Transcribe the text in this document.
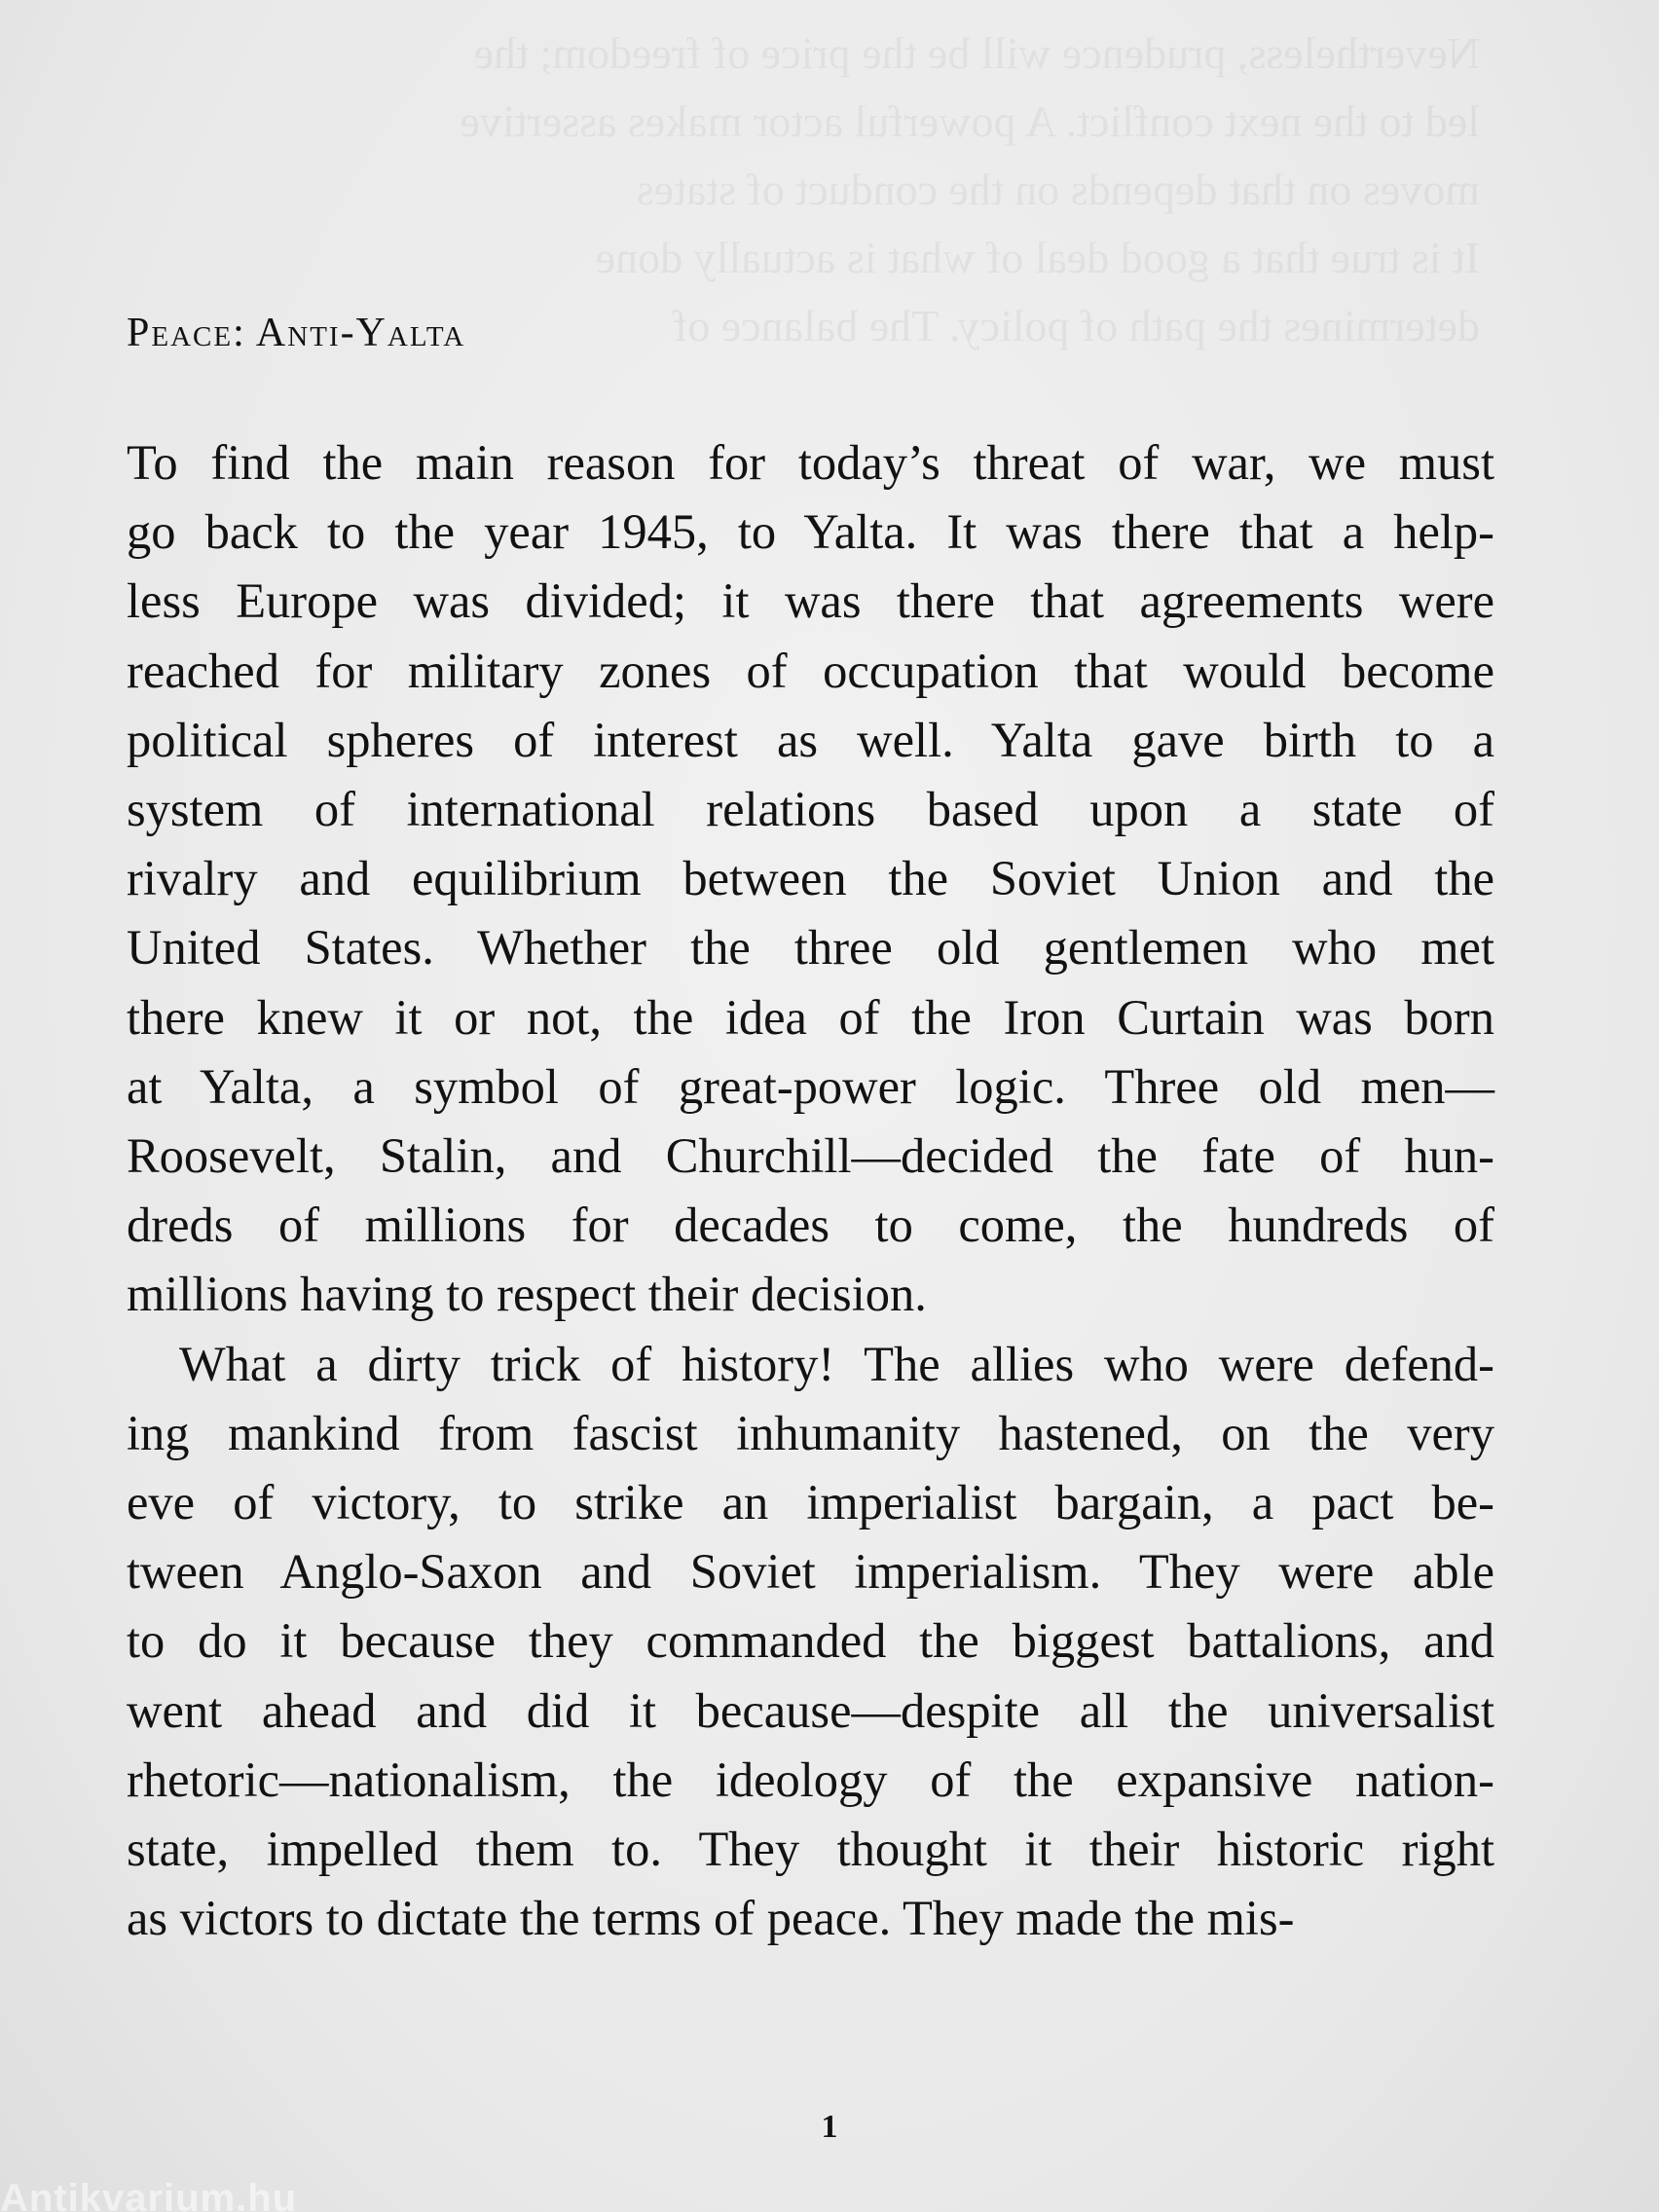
Nevertheless, prudence will be the price of freedom; the
led to the next conflict. A powerful actor makes assertive
moves on that depends on the conduct of states
It is true that a good deal of what is actually done
determines the path of policy. The balance of
Peace: Anti-Yalta
To find the main reason for today’s threat of war, we must
go back to the year 1945, to Yalta. It was there that a help-
less Europe was divided; it was there that agreements were
reached for military zones of occupation that would become
political spheres of interest as well. Yalta gave birth to a
system of international relations based upon a state of
rivalry and equilibrium between the Soviet Union and the
United States. Whether the three old gentlemen who met
there knew it or not, the idea of the Iron Curtain was born
at Yalta, a symbol of great-power logic. Three old men—
Roosevelt, Stalin, and Churchill—decided the fate of hun-
dreds of millions for decades to come, the hundreds of
millions having to respect their decision.
What a dirty trick of history! The allies who were defend-
ing mankind from fascist inhumanity hastened, on the very
eve of victory, to strike an imperialist bargain, a pact be-
tween Anglo-Saxon and Soviet imperialism. They were able
to do it because they commanded the biggest battalions, and
went ahead and did it because—despite all the universalist
rhetoric—nationalism, the ideology of the expansive nation-
state, impelled them to. They thought it their historic right
as victors to dictate the terms of peace. They made the mis-
1
Antikvarium.hu
